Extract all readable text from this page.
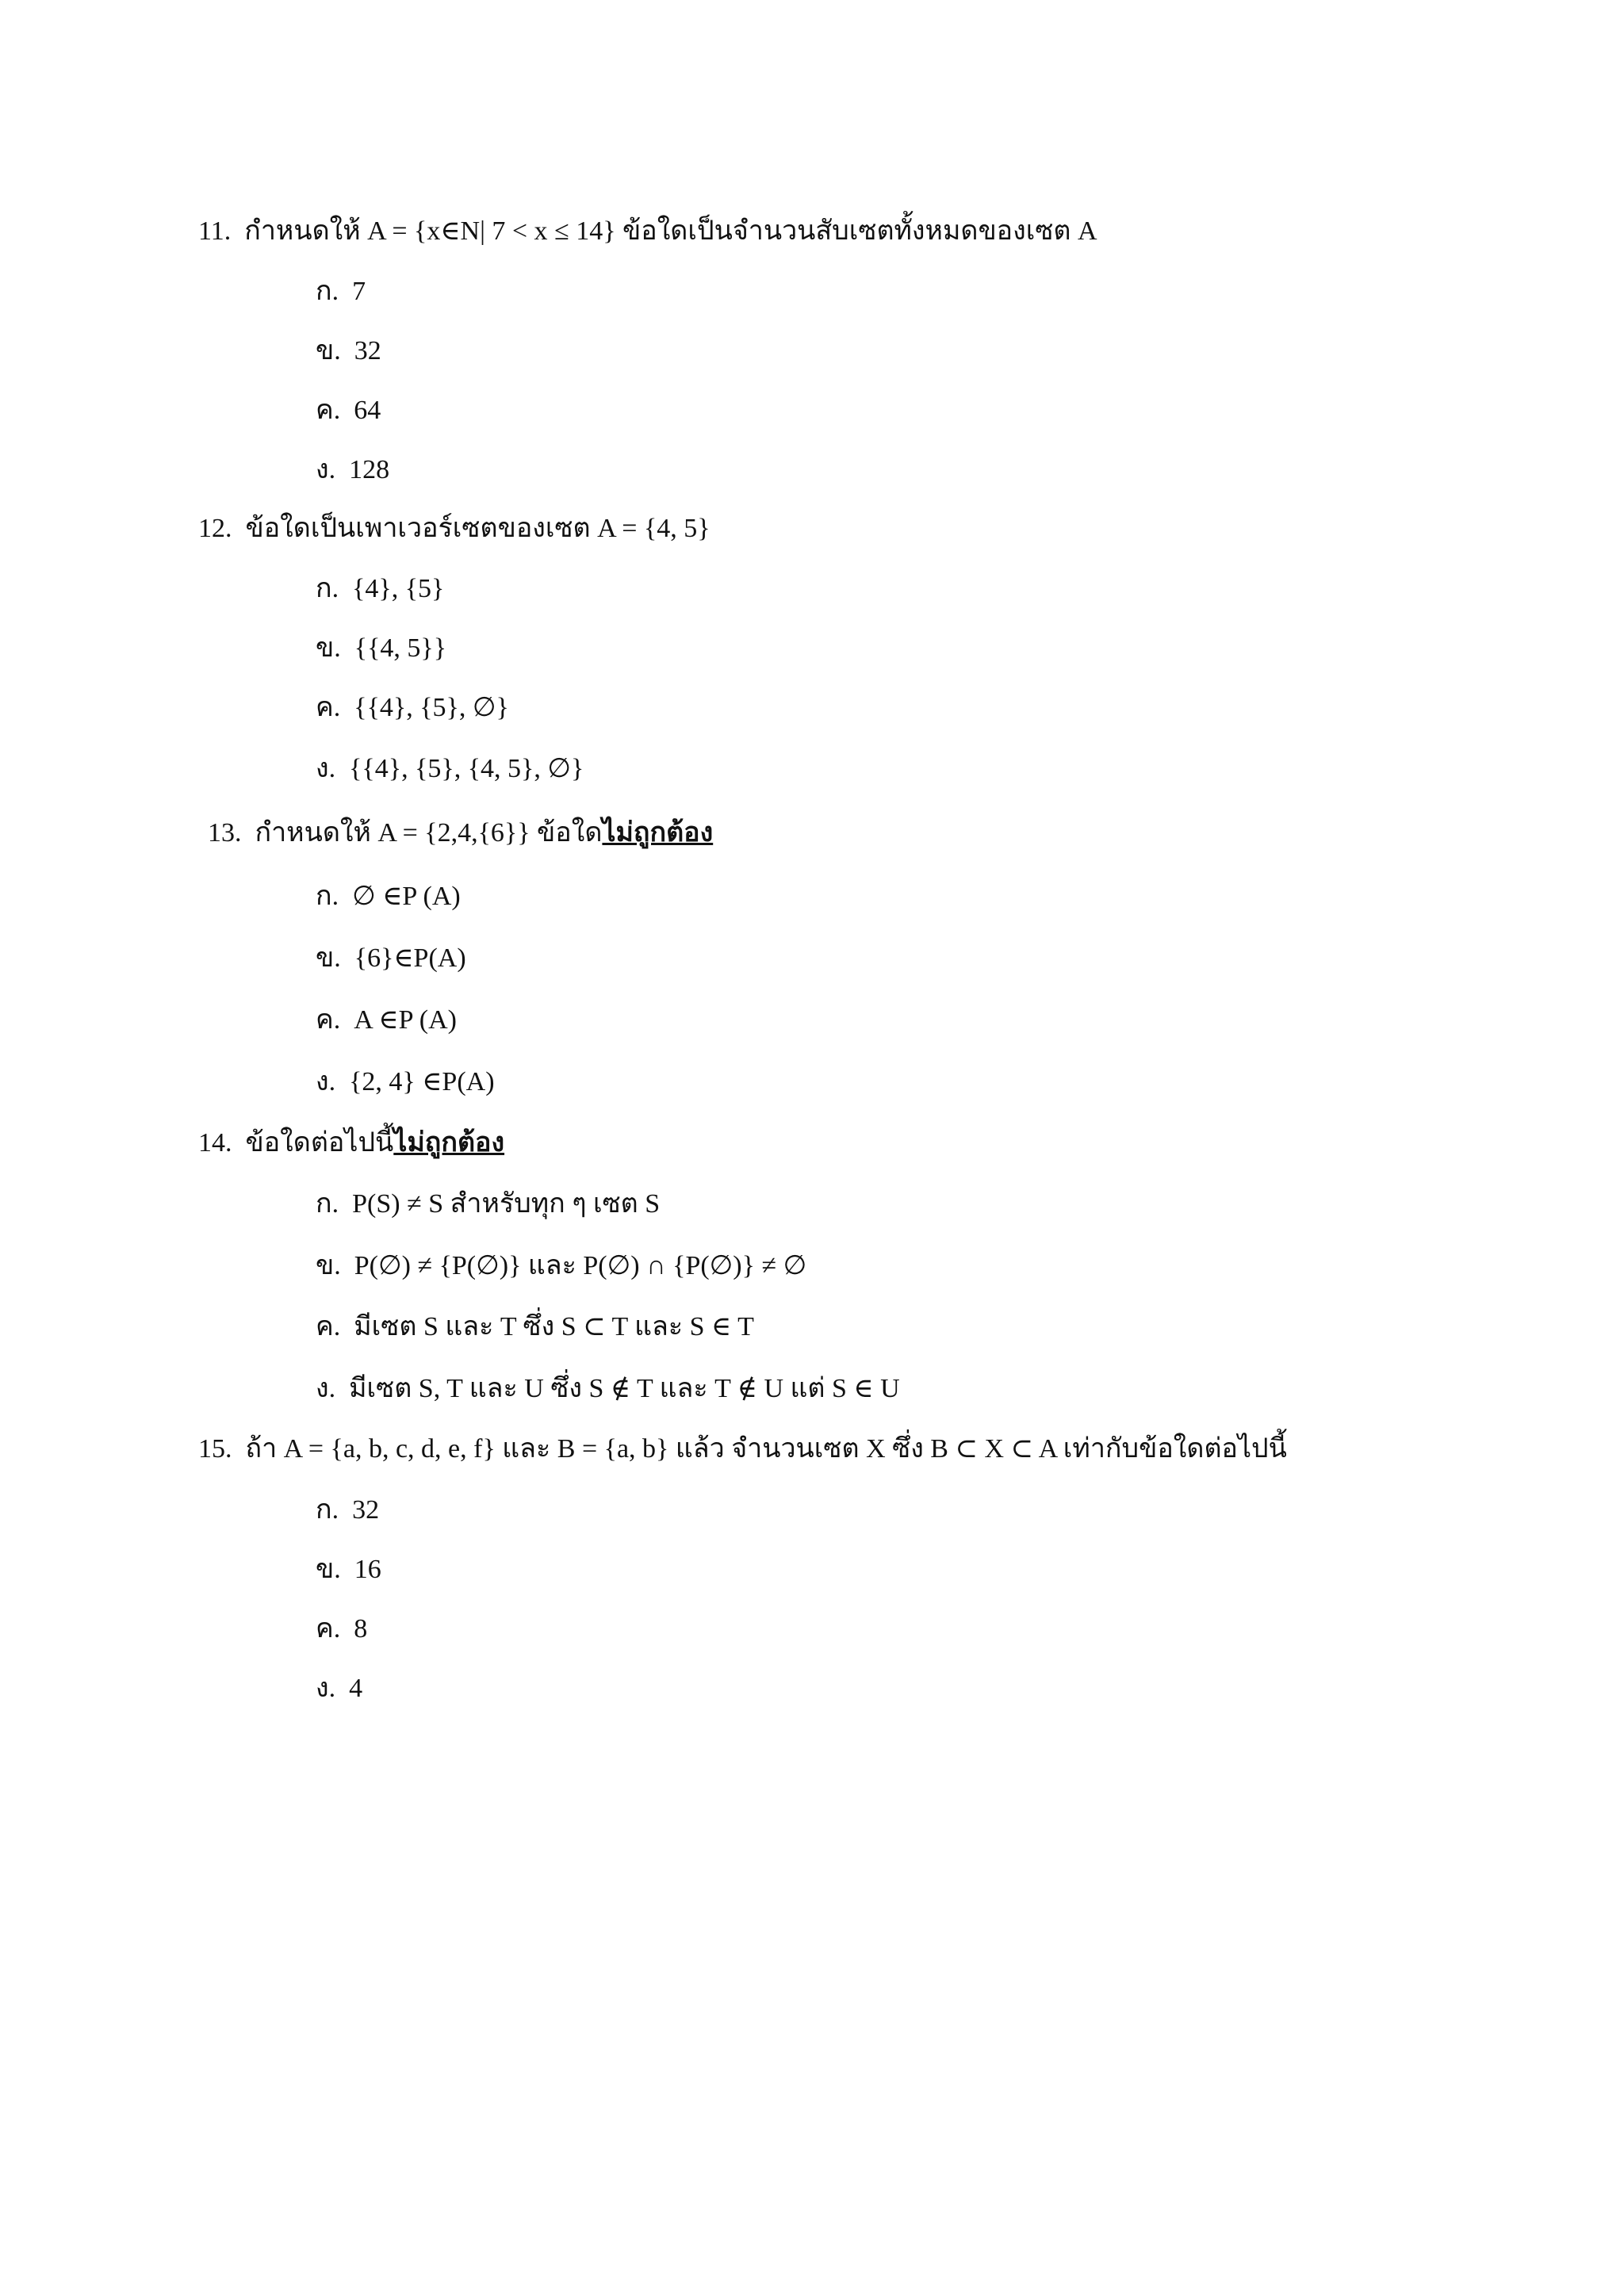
11. กำหนดให้ A = {x∈N| 7 < x ≤ 14} ข้อใดเป็นจำนวนสับเซตทั้งหมดของเซต A
ก. 7
ข. 32
ค. 64
ง. 128
12. ข้อใดเป็นเพาเวอร์เซตของเซต A = {4, 5}
ก. {4}, {5}
ข. {{4, 5}}
ค. {{4}, {5}, ∅}
ง. {{4}, {5}, {4, 5}, ∅}
13. กำหนดให้ A = {2,4,{6}} ข้อใดไม่ถูกต้อง
ก. ∅ ∈P (A)
ข. {6}∈P(A)
ค. A ∈P (A)
ง. {2, 4} ∈P(A)
14. ข้อใดต่อไปนี้ไม่ถูกต้อง
ก. P(S) ≠ S สำหรับทุก ๆ เซต S
ข. P(∅) ≠ {P(∅)} และ P(∅) ∩ {P(∅)} ≠ ∅
ค. มีเซต S และ T ซึ่ง S ⊂ T และ S ∈ T
ง. มีเซต S, T และ U ซึ่ง S ∉ T และ T ∉ U แต่ S ∈ U
15. ถ้า A = {a, b, c, d, e, f} และ B = {a, b} แล้ว จำนวนเซต X ซึ่ง B ⊂ X ⊂ A เท่ากับข้อใดต่อไปนี้
ก. 32
ข. 16
ค. 8
ง. 4
